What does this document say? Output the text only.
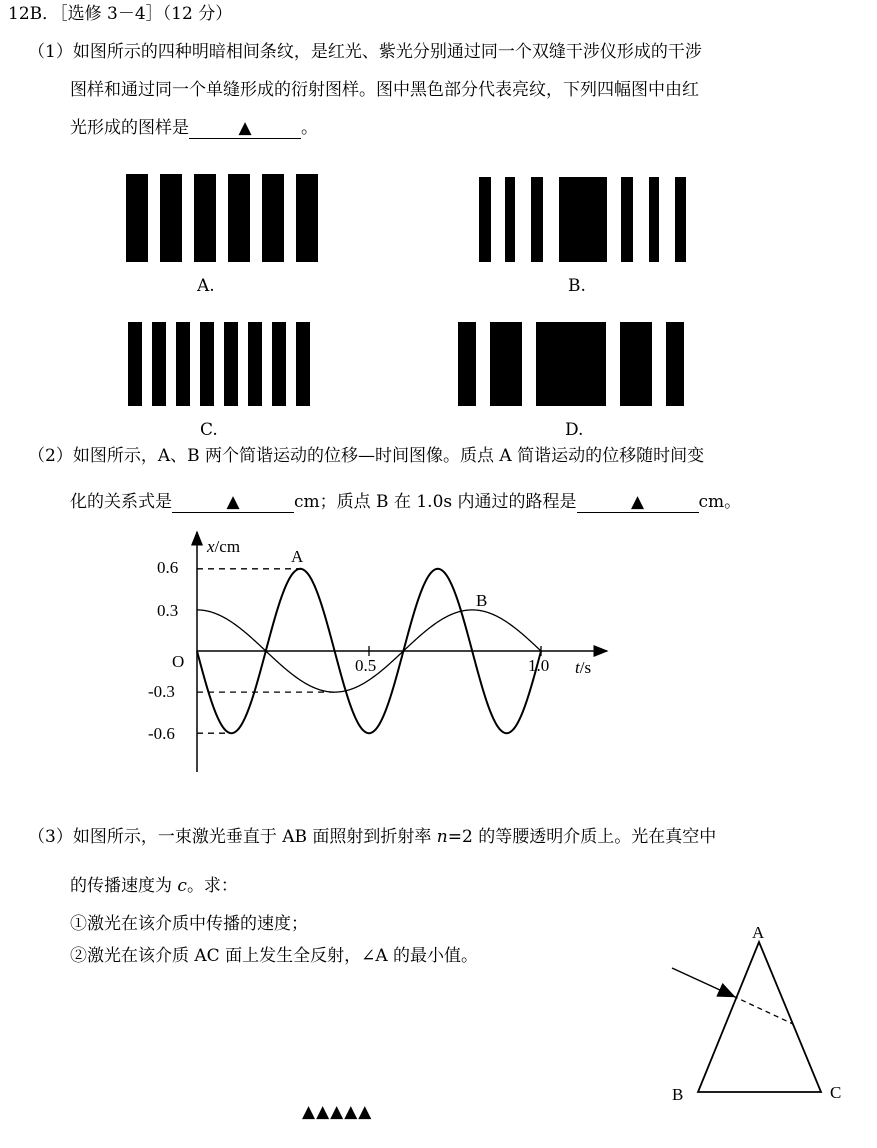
12B．［选修 3－4］（12 分）
（1）如图所示的四种明暗相间条纹，是红光、紫光分别通过同一个双缝干涉仪形成的干涉
图样和通过同一个单缝形成的衍射图样。图中黑色部分代表亮纹，下列四幅图中由红
光形成的图样是	▲	。
A.	B.
C.	D.
（2）如图所示，A、B 两个简谐运动的位移—时间图像。质点 A 简谐运动的位移随时间变
化的关系式是	▲	cm；质点 B 在 1.0s 内通过的路程是	▲	cm。
x/cm
t/s
O
0.6
0.3
-0.3
-0.6
0.5	1.0
A
B
（3）如图所示，一束激光垂直于 AB 面照射到折射率 n=2 的等腰透明介质上。光在真空中
的传播速度为 c。求：
①激光在该介质中传播的速度；
②激光在该介质 AC 面上发生全反射，∠A 的最小值。
A
B	C
▲▲▲▲▲
